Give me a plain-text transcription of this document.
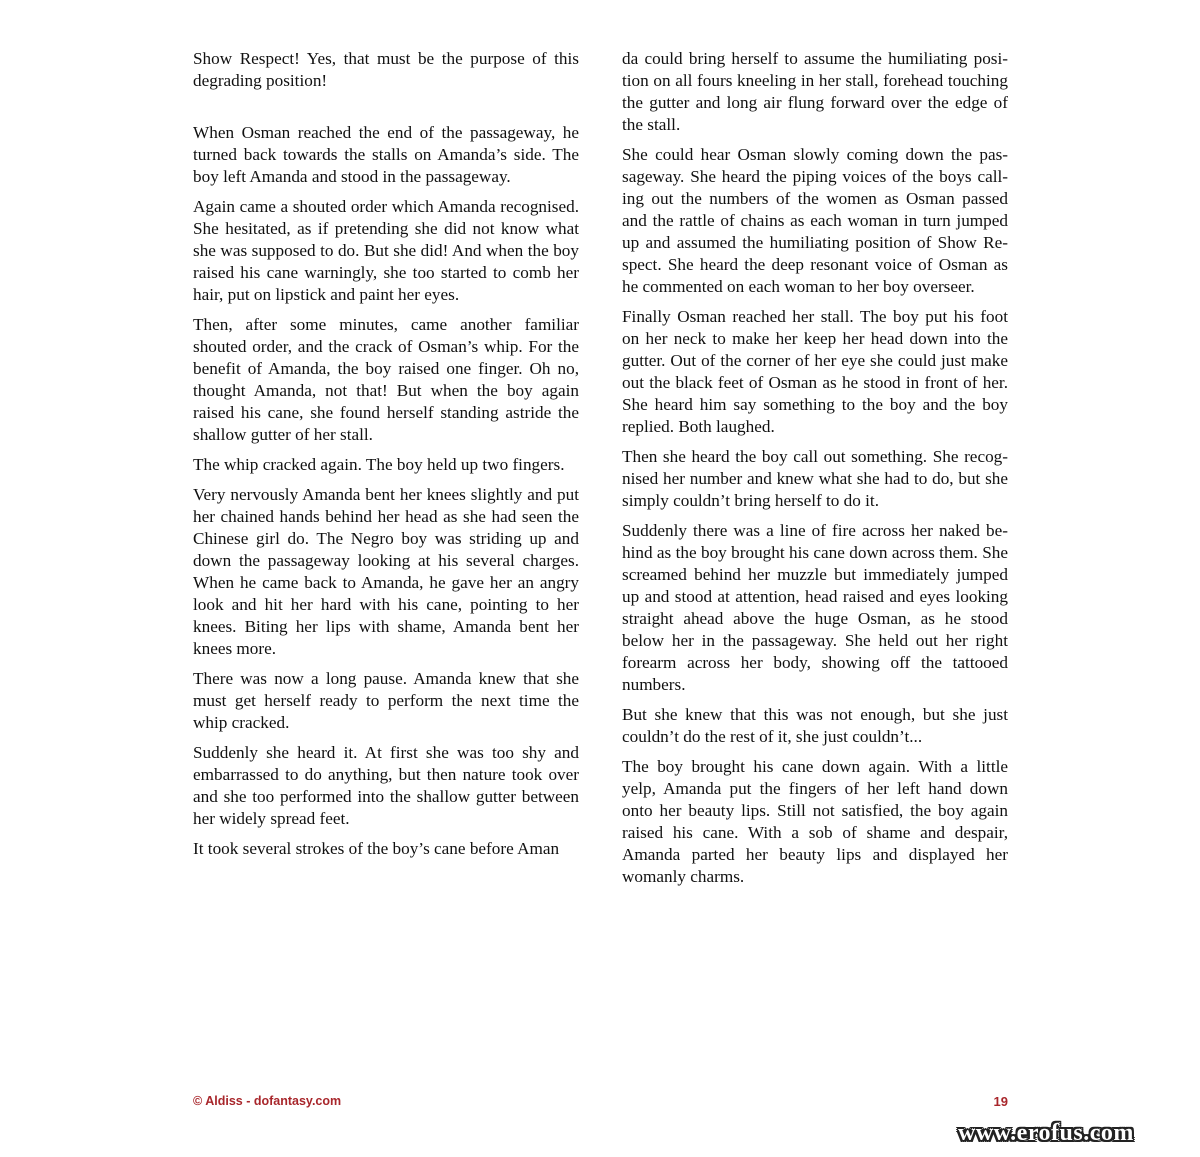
Show Respect! Yes, that must be the purpose of this degrading position!

When Osman reached the end of the passageway, he turned back towards the stalls on Amanda’s side. The boy left Amanda and stood in the passageway.

Again came a shouted order which Amanda recognised. She hesitated, as if pretending she did not know what she was supposed to do. But she did! And when the boy raised his cane warningly, she too started to comb her hair, put on lipstick and paint her eyes.

Then, after some minutes, came another familiar shouted order, and the crack of Osman’s whip. For the benefit of Amanda, the boy raised one finger. Oh no, thought Amanda, not that! But when the boy again raised his cane, she found herself standing astride the shallow gutter of her stall.

The whip cracked again. The boy held up two fingers.

Very nervously Amanda bent her knees slightly and put her chained hands behind her head as she had seen the Chinese girl do. The Negro boy was striding up and down the passageway looking at his several charges. When he came back to Amanda, he gave her an angry look and hit her hard with his cane, pointing to her knees. Biting her lips with shame, Amanda bent her knees more.

There was now a long pause. Amanda knew that she must get herself ready to perform the next time the whip cracked.

Suddenly she heard it. At first she was too shy and embarrassed to do anything, but then nature took over and she too performed into the shallow gutter between her widely spread feet.

It took several strokes of the boy’s cane before Aman

da could bring herself to assume the humiliating position on all fours kneeling in her stall, forehead touching the gutter and long air flung forward over the edge of the stall.

She could hear Osman slowly coming down the passageway. She heard the piping voices of the boys calling out the numbers of the women as Osman passed and the rattle of chains as each woman in turn jumped up and assumed the humiliating position of Show Respect. She heard the deep resonant voice of Osman as he commented on each woman to her boy overseer.

Finally Osman reached her stall. The boy put his foot on her neck to make her keep her head down into the gutter. Out of the corner of her eye she could just make out the black feet of Osman as he stood in front of her. She heard him say something to the boy and the boy replied. Both laughed.

Then she heard the boy call out something. She recognised her number and knew what she had to do, but she simply couldn’t bring herself to do it.

Suddenly there was a line of fire across her naked behind as the boy brought his cane down across them. She screamed behind her muzzle but immediately jumped up and stood at attention, head raised and eyes looking straight ahead above the huge Osman, as he stood below her in the passageway. She held out her right forearm across her body, showing off the tattooed numbers.

But she knew that this was not enough, but she just couldn’t do the rest of it, she just couldn’t...

The boy brought his cane down again. With a little yelp, Amanda put the fingers of her left hand down onto her beauty lips. Still not satisfied, the boy again raised his cane. With a sob of shame and despair, Amanda parted her beauty lips and displayed her womanly charms.

© Aldiss - dofantasy.com	19
www.erofus.com
